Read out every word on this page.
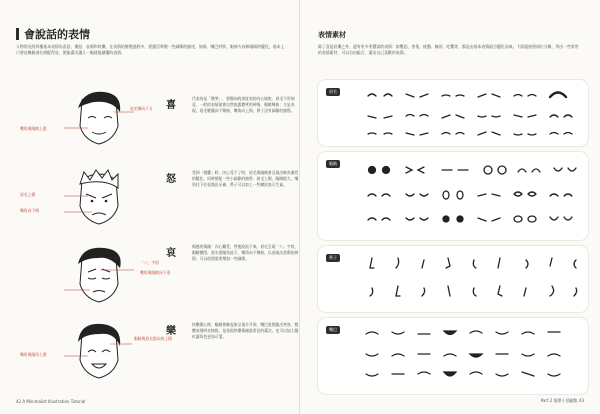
會說話的表情
人物常見的四種基本表情為喜怒、憤怒、哀傷和快樂，在表情的繪製過程中，要靈活掌握一些細節的描述，如眉、嘴巴形狀、眼神方向和眼眶的變化，基本上只要這幾個部位搭配得宜，便能畫出讓人一眼就能讀懂的表情。
眉毛彎向下方
嘴角與眼睛上提
喜
代表的是「微笑」，要順向的深度表的內心愉悅，眉毛不用刻意，一般的表情就會自然流露微笑的神情。眼睛彎曲：主是表現，眉毛輕擺向下彎曲，嘴角向上揚，鼻子沒有細節的描寫。
眉毛上揚
嘴角向下彎
怒
受到「挑釁」時，內心受不了時，眉毛與眼睛會呈現出較為激烈的變化，同時搭配一些小細節的描寫：眉毛上揚，眼睛瞪大，嘴角往下拉並露出牙齒，鼻子可以加上一些皺紋表示生氣。
「八」字眉
嘴角與眼睛向下垂
哀
傷感的情緒：內心難受，然後淚流下來。眉毛呈現「八」字狀，眼睛微閉，淚水從眼角流下，嘴角向下彎曲，以表現出悲傷的神情，可以依照需要增加一些細節。
眼睛與眉毛都向的上揚
嘴角與眼角上揚
樂
快樂開心時，眼睛會瞇起來呈現半月形，嘴巴張開露出笑容，整體表情明亮愉悅，是表現快樂情緒最常見的畫法，也可以加上腮紅讓角色更加可愛。
42 A Minimalist Illustration Tutorial
表情素材
除了喜怒哀樂之外，還有更多更豐富的表情：如驚恐、害羞、疲憊、無奈、吃驚等，都是由基本表情組合變化而來。下面就按照部位分類，列出一些常用的表情素材，可以自由組合，畫出自己喜歡的表情。
眉毛
眼睛
鼻子
嘴巴
Part 2 簡單小插圖集 43
